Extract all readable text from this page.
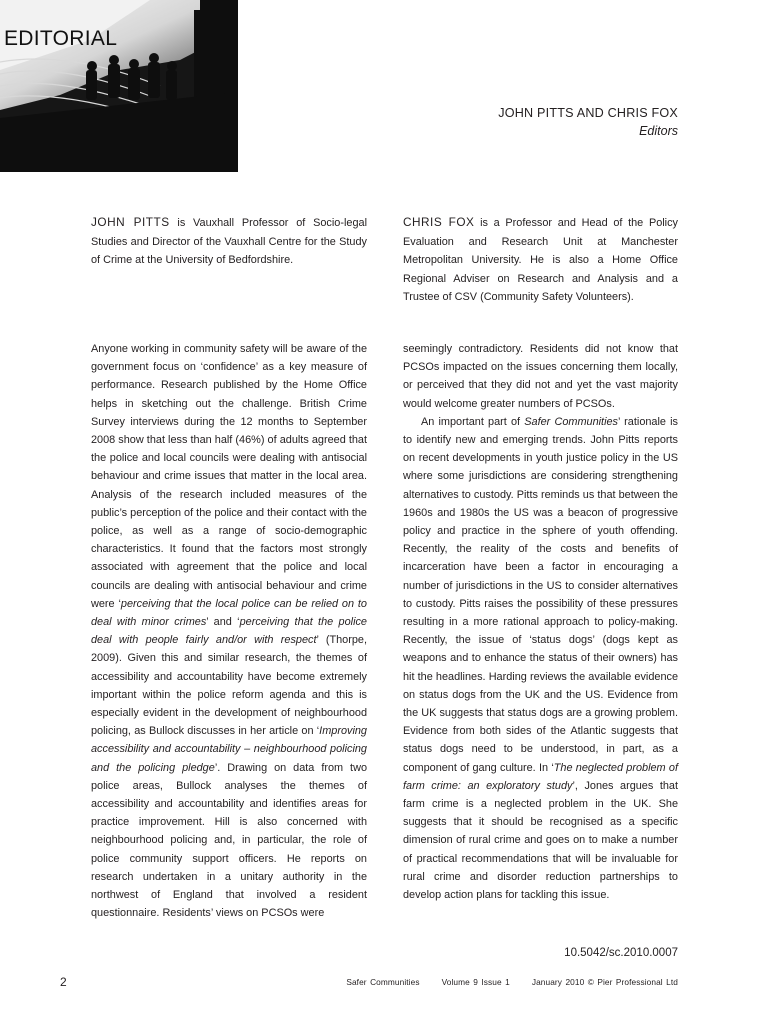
EDITORIAL
JOHN PITTS AND CHRIS FOX
Editors
JOHN PITTS is Vauxhall Professor of Socio-legal Studies and Director of the Vauxhall Centre for the Study of Crime at the University of Bedfordshire.
CHRIS FOX is a Professor and Head of the Policy Evaluation and Research Unit at Manchester Metropolitan University. He is also a Home Office Regional Adviser on Research and Analysis and a Trustee of CSV (Community Safety Volunteers).

Anyone working in community safety will be aware of the government focus on ‘confidence’ as a key measure of performance. Research published by the Home Office helps in sketching out the challenge. British Crime Survey interviews during the 12 months to September 2008 show that less than half (46%) of adults agreed that the police and local councils were dealing with antisocial behaviour and crime issues that matter in the local area. Analysis of the research included measures of the public’s perception of the police and their contact with the police, as well as a range of socio-demographic characteristics. It found that the factors most strongly associated with agreement that the police and local councils are dealing with antisocial behaviour and crime were ‘perceiving that the local police can be relied on to deal with minor crimes’ and ‘perceiving that the police deal with people fairly and/or with respect’ (Thorpe, 2009). Given this and similar research, the themes of accessibility and accountability have become extremely important within the police reform agenda and this is especially evident in the development of neighbourhood policing, as Bullock discusses in her article on ‘Improving accessibility and accountability – neighbourhood policing and the policing pledge’. Drawing on data from two police areas, Bullock analyses the themes of accessibility and accountability and identifies areas for practice improvement. Hill is also concerned with neighbourhood policing and, in particular, the role of police community support officers. He reports on research undertaken in a unitary authority in the northwest of England that involved a resident questionnaire. Residents’ views on PCSOs were

seemingly contradictory. Residents did not know that PCSOs impacted on the issues concerning them locally, or perceived that they did not and yet the vast majority would welcome greater numbers of PCSOs.

An important part of Safer Communities’ rationale is to identify new and emerging trends. John Pitts reports on recent developments in youth justice policy in the US where some jurisdictions are considering strengthening alternatives to custody. Pitts reminds us that between the 1960s and 1980s the US was a beacon of progressive policy and practice in the sphere of youth offending. Recently, the reality of the costs and benefits of incarceration have been a factor in encouraging a number of jurisdictions in the US to consider alternatives to custody. Pitts raises the possibility of these pressures resulting in a more rational approach to policy-making. Recently, the issue of ‘status dogs’ (dogs kept as weapons and to enhance the status of their owners) has hit the headlines. Harding reviews the available evidence on status dogs from the UK and the US. Evidence from the UK suggests that status dogs are a growing problem. Evidence from both sides of the Atlantic suggests that status dogs need to be understood, in part, as a component of gang culture. In ‘The neglected problem of farm crime: an exploratory study’, Jones argues that farm crime is a neglected problem in the UK. She suggests that it should be recognised as a specific dimension of rural crime and goes on to make a number of practical recommendations that will be invaluable for rural crime and disorder reduction partnerships to develop action plans for tackling this issue.

10.5042/sc.2010.0007
2	Safer Communities	Volume 9 Issue 1	January 2010 © Pier Professional Ltd
